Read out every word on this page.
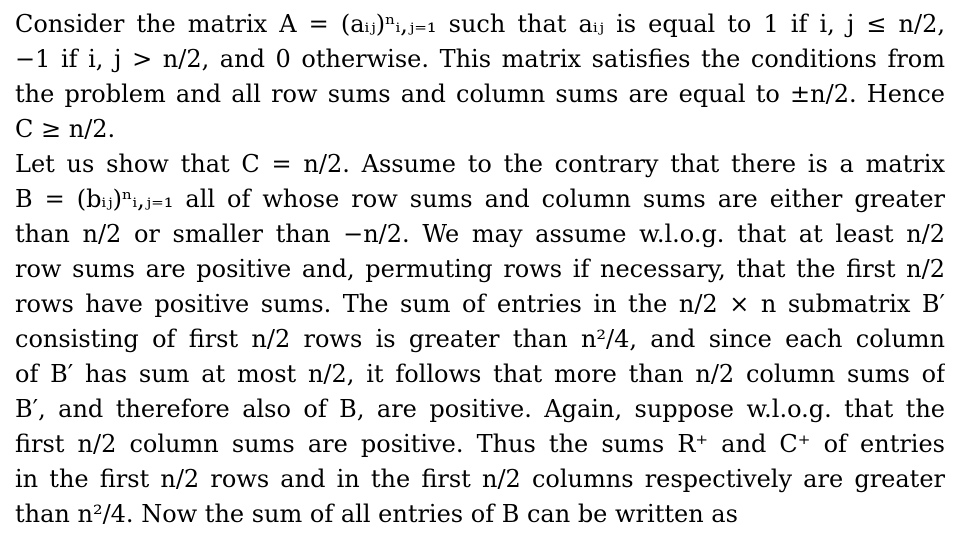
Consider the matrix A = (aᵢⱼ)ⁿᵢ,ⱼ₌₁ such that aᵢⱼ is equal to 1 if i, j ≤ n/2,
−1 if i, j > n/2, and 0 otherwise. This matrix satisfies the conditions from
the problem and all row sums and column sums are equal to ±n/2. Hence
C ≥ n/2.
Let us show that C = n/2. Assume to the contrary that there is a matrix
B = (bᵢⱼ)ⁿᵢ,ⱼ₌₁ all of whose row sums and column sums are either greater
than n/2 or smaller than −n/2. We may assume w.l.o.g. that at least n/2
row sums are positive and, permuting rows if necessary, that the first n/2
rows have positive sums. The sum of entries in the n/2 × n submatrix B′
consisting of first n/2 rows is greater than n²/4, and since each column
of B′ has sum at most n/2, it follows that more than n/2 column sums of
B′, and therefore also of B, are positive. Again, suppose w.l.o.g. that the
first n/2 column sums are positive. Thus the sums R⁺ and C⁺ of entries
in the first n/2 rows and in the first n/2 columns respectively are greater
than n²/4. Now the sum of all entries of B can be written as
